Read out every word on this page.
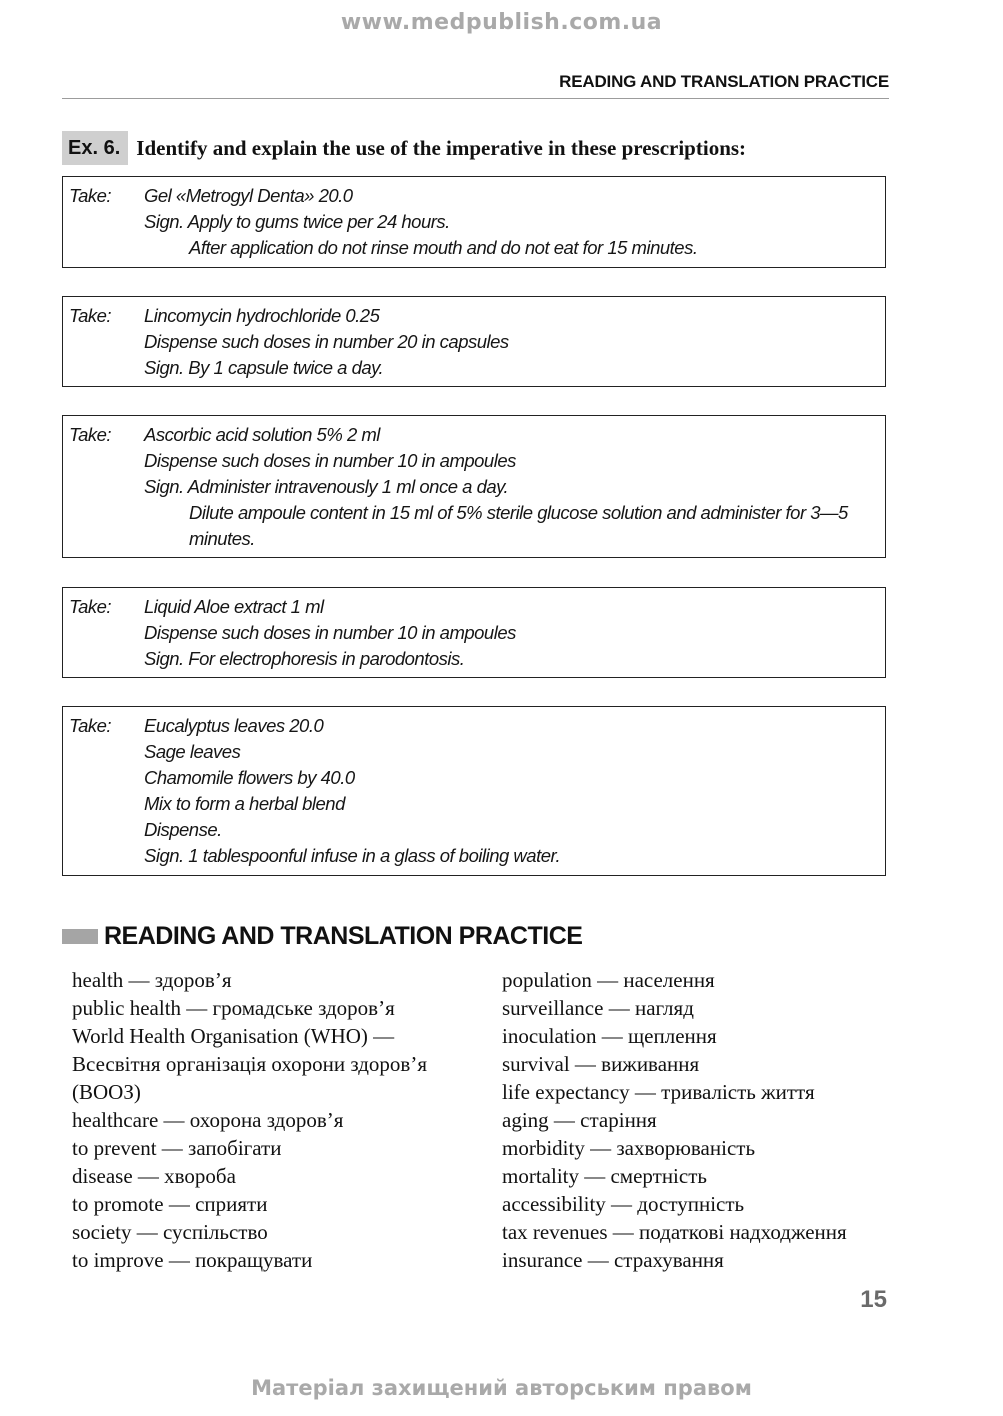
www.medpublish.com.ua
READING AND TRANSLATION PRACTICE
Ex. 6. Identify and explain the use of the imperative in these prescriptions:
Take:	Gel «Metrogyl Denta» 20.0
Sign. Apply to gums twice per 24 hours.
After application do not rinse mouth and do not eat for 15 minutes.
Take:	Lincomycin hydrochloride 0.25
Dispense such doses in number 20 in capsules
Sign. By 1 capsule twice a day.
Take:	Ascorbic acid solution 5% 2 ml
Dispense such doses in number 10 in ampoules
Sign. Administer intravenously 1 ml once a day.
Dilute ampoule content in 15 ml of 5% sterile glucose solution and administer for 3—5 minutes.
Take:	Liquid Aloe extract 1 ml
Dispense such doses in number 10 in ampoules
Sign. For electrophoresis in parodontosis.
Take:	Eucalyptus leaves 20.0
Sage leaves
Chamomile flowers by 40.0
Mix to form a herbal blend
Dispense.
Sign. 1 tablespoonful infuse in a glass of boiling water.
READING AND TRANSLATION PRACTICE
health — здоров’я
public health — громадське здоров’я
World Health Organisation (WHO) —
Всесвітня організація охорони здоров’я
(ВООЗ)
healthcare — охорона здоров’я
to prevent — запобігати
disease — хвороба
to promote — сприяти
society — суспільство
to improve — покращувати
population — населення
surveillance — нагляд
inoculation — щеплення
survival — виживання
life expectancy — тривалість життя
aging — старіння
morbidity — захворюваність
mortality — смертність
accessibility — доступність
tax revenues — податкові надходження
insurance — страхування
15
Матеріал захищений авторським правом
